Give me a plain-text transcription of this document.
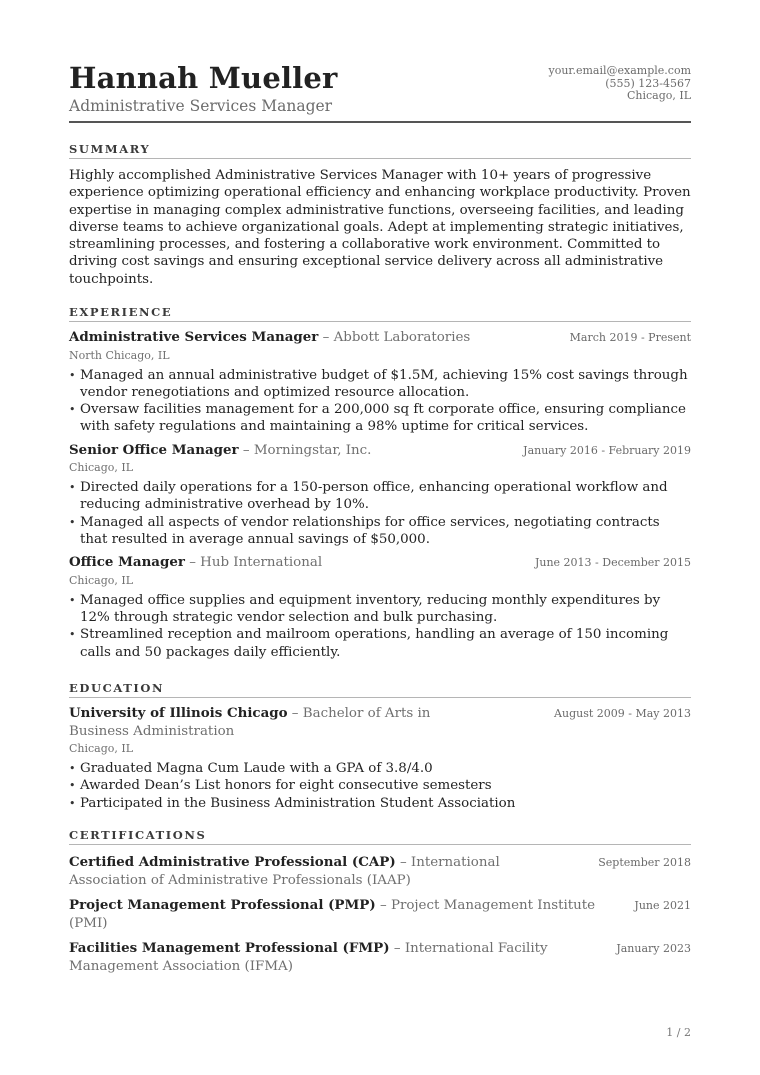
Hannah Mueller
Administrative Services Manager
your.email@example.com
(555) 123-4567
Chicago, IL
SUMMARY

Highly accomplished Administrative Services Manager with 10+ years of progressive experience optimizing operational efficiency and enhancing workplace productivity. Proven expertise in managing complex administrative functions, overseeing facilities, and leading diverse teams to achieve organizational goals. Adept at implementing strategic initiatives, streamlining processes, and fostering a collaborative work environment. Committed to driving cost savings and ensuring exceptional service delivery across all administrative touchpoints.

EXPERIENCE
Administrative Services Manager – Abbott Laboratories	March 2019 - Present
North Chicago, IL
• Managed an annual administrative budget of $1.5M, achieving 15% cost savings through vendor renegotiations and optimized resource allocation.
• Oversaw facilities management for a 200,000 sq ft corporate office, ensuring compliance with safety regulations and maintaining a 98% uptime for critical services.
Senior Office Manager – Morningstar, Inc.	January 2016 - February 2019
Chicago, IL
• Directed daily operations for a 150-person office, enhancing operational workflow and reducing administrative overhead by 10%.
• Managed all aspects of vendor relationships for office services, negotiating contracts that resulted in average annual savings of $50,000.
Office Manager – Hub International	June 2013 - December 2015
Chicago, IL
• Managed office supplies and equipment inventory, reducing monthly expenditures by 12% through strategic vendor selection and bulk purchasing.
• Streamlined reception and mailroom operations, handling an average of 150 incoming calls and 50 packages daily efficiently.
EDUCATION
University of Illinois Chicago – Bachelor of Arts in Business Administration
August 2009 - May 2013
Chicago, IL
• Graduated Magna Cum Laude with a GPA of 3.8/4.0
• Awarded Dean’s List honors for eight consecutive semesters
• Participated in the Business Administration Student Association
CERTIFICATIONS
Certified Administrative Professional (CAP) – International Association of Administrative Professionals (IAAP)
September 2018
Project Management Professional (PMP) – Project Management Institute (PMI)
June 2021
Facilities Management Professional (FMP) – International Facility Management Association (IFMA)
January 2023
1 / 2
